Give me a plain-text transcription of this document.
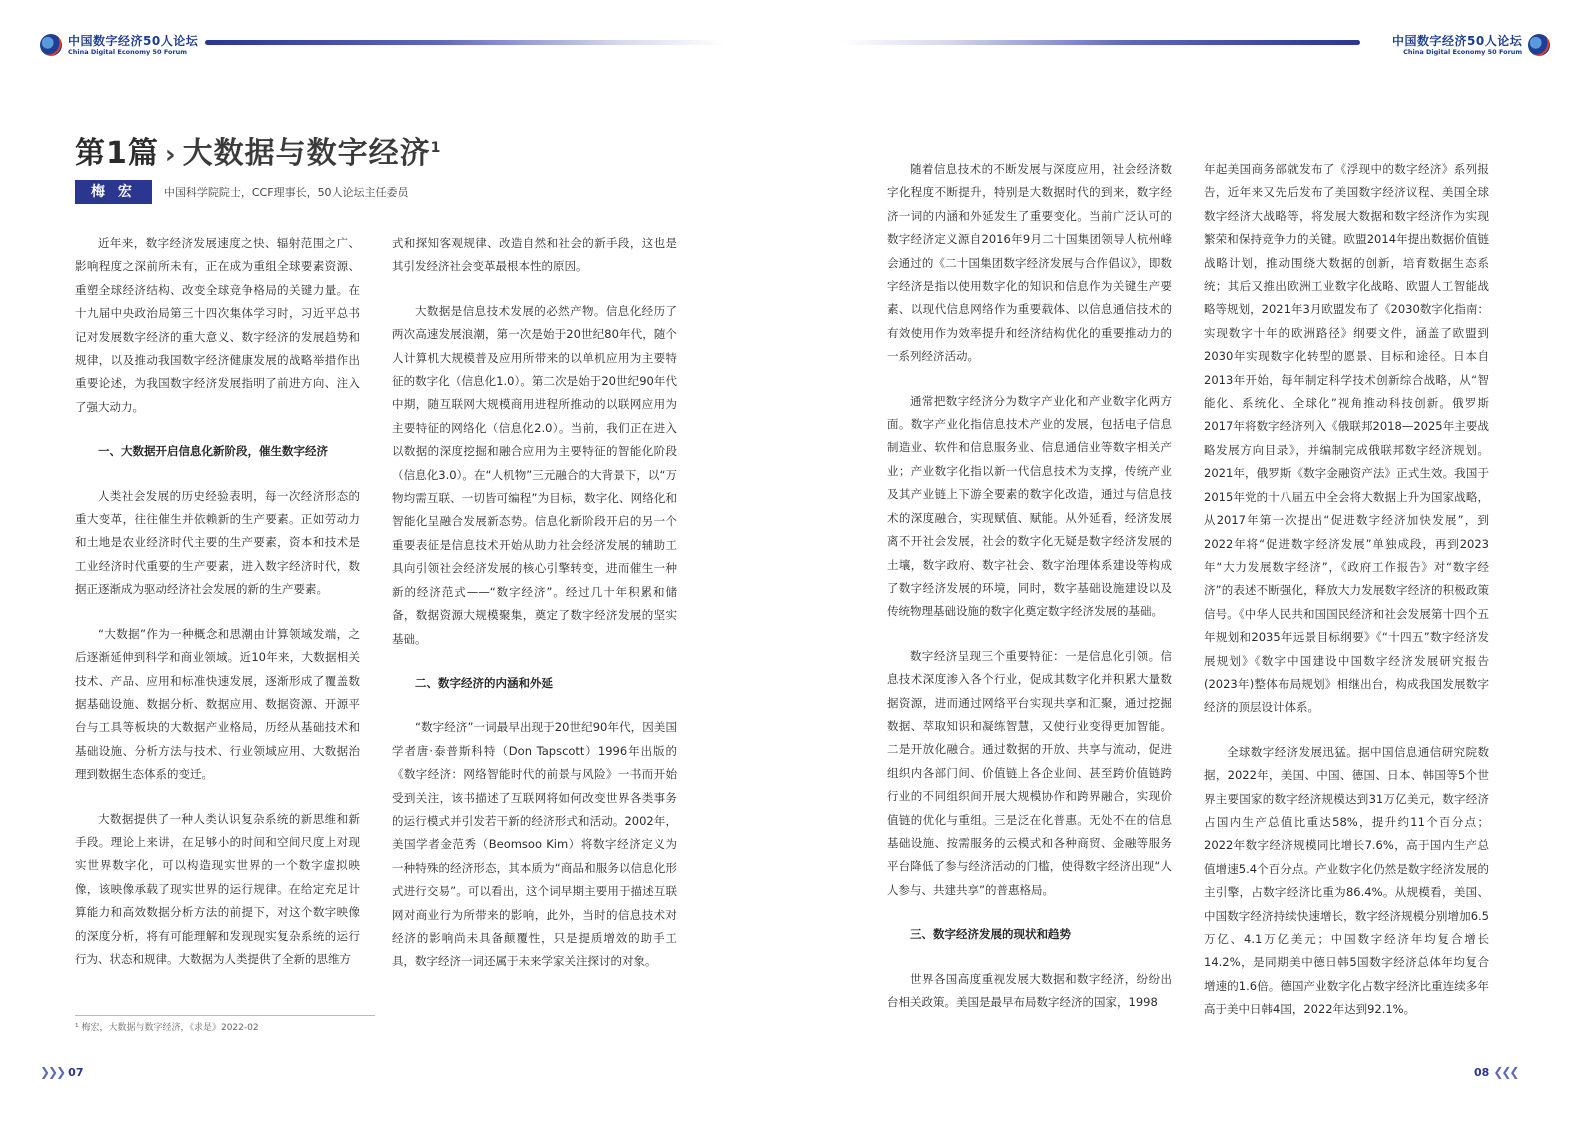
中国数字经济50人论坛
China Digital Economy 50 Forum
第1篇 › 大数据与数字经济$^1$
梅 宏	中国科学院院士，CCF理事长，50人论坛主任委员

近年来，数字经济发展速度之快、辐射范围之广、影响程度之深前所未有，正在成为重组全球要素资源、重塑全球经济结构、改变全球竞争格局的关键力量。在十九届中央政治局第三十四次集体学习时，习近平总书记对发展数字经济的重大意义、数字经济的发展趋势和规律，以及推动我国数字经济健康发展的战略举措作出重要论述，为我国数字经济发展指明了前进方向、注入了强大动力。

一、大数据开启信息化新阶段，催生数字经济

人类社会发展的历史经验表明，每一次经济形态的重大变革，往往催生并依赖新的生产要素。正如劳动力和土地是农业经济时代主要的生产要素，资本和技术是工业经济时代重要的生产要素，进入数字经济时代，数据正逐渐成为驱动经济社会发展的新的生产要素。

“大数据”作为一种概念和思潮由计算领域发端，之后逐渐延伸到科学和商业领域。近10年来，大数据相关技术、产品、应用和标准快速发展，逐渐形成了覆盖数据基础设施、数据分析、数据应用、数据资源、开源平台与工具等板块的大数据产业格局，历经从基础技术和基础设施、分析方法与技术、行业领域应用、大数据治理到数据生态体系的变迁。

大数据提供了一种人类认识复杂系统的新思维和新手段。理论上来讲，在足够小的时间和空间尺度上对现实世界数字化，可以构造现实世界的一个数字虚拟映像，该映像承载了现实世界的运行规律。在给定充足计算能力和高效数据分析方法的前提下，对这个数字映像的深度分析，将有可能理解和发现现实复杂系统的运行行为、状态和规律。大数据为人类提供了全新的思维方

式和探知客观规律、改造自然和社会的新手段，这也是其引发经济社会变革最根本性的原因。

大数据是信息技术发展的必然产物。信息化经历了两次高速发展浪潮，第一次是始于20世纪80年代，随个人计算机大规模普及应用所带来的以单机应用为主要特征的数字化（信息化1.0）。第二次是始于20世纪90年代中期，随互联网大规模商用进程所推动的以联网应用为主要特征的网络化（信息化2.0）。当前，我们正在进入以数据的深度挖掘和融合应用为主要特征的智能化阶段（信息化3.0）。在“人机物”三元融合的大背景下，以“万物均需互联、一切皆可编程”为目标，数字化、网络化和智能化呈融合发展新态势。信息化新阶段开启的另一个重要表征是信息技术开始从助力社会经济发展的辅助工具向引领社会经济发展的核心引擎转变，进而催生一种新的经济范式——“数字经济”。经过几十年积累和储备，数据资源大规模聚集，奠定了数字经济发展的坚实基础。

二、数字经济的内涵和外延

“数字经济”一词最早出现于20世纪90年代，因美国学者唐·泰普斯科特（Don Tapscott）1996年出版的《数字经济：网络智能时代的前景与风险》一书而开始受到关注，该书描述了互联网将如何改变世界各类事务的运行模式并引发若干新的经济形式和活动。2002年，美国学者金范秀（Beomsoo Kim）将数字经济定义为一种特殊的经济形态，其本质为“商品和服务以信息化形式进行交易”。可以看出，这个词早期主要用于描述互联网对商业行为所带来的影响，此外，当时的信息技术对经济的影响尚未具备颠覆性，只是提质增效的助手工具，数字经济一词还属于未来学家关注探讨的对象。

¹ 梅宏，大数据与数字经济，《求是》2022-02
❯❯❯ 07
中国数字经济50人论坛
China Digital Economy 50 Forum

随着信息技术的不断发展与深度应用，社会经济数字化程度不断提升，特别是大数据时代的到来，数字经济一词的内涵和外延发生了重要变化。当前广泛认可的数字经济定义源自2016年9月二十国集团领导人杭州峰会通过的《二十国集团数字经济发展与合作倡议》，即数字经济是指以使用数字化的知识和信息作为关键生产要素、以现代信息网络作为重要载体、以信息通信技术的有效使用作为效率提升和经济结构优化的重要推动力的一系列经济活动。

通常把数字经济分为数字产业化和产业数字化两方面。数字产业化指信息技术产业的发展，包括电子信息制造业、软件和信息服务业、信息通信业等数字相关产业；产业数字化指以新一代信息技术为支撑，传统产业及其产业链上下游全要素的数字化改造，通过与信息技术的深度融合，实现赋值、赋能。从外延看，经济发展离不开社会发展，社会的数字化无疑是数字经济发展的土壤，数字政府、数字社会、数字治理体系建设等构成了数字经济发展的环境，同时，数字基础设施建设以及传统物理基础设施的数字化奠定数字经济发展的基础。

数字经济呈现三个重要特征：一是信息化引领。信息技术深度渗入各个行业，促成其数字化并积累大量数据资源，进而通过网络平台实现共享和汇聚，通过挖掘数据、萃取知识和凝练智慧，又使行业变得更加智能。二是开放化融合。通过数据的开放、共享与流动，促进组织内各部门间、价值链上各企业间、甚至跨价值链跨行业的不同组织间开展大规模协作和跨界融合，实现价值链的优化与重组。三是泛在化普惠。无处不在的信息基础设施、按需服务的云模式和各种商贸、金融等服务平台降低了参与经济活动的门槛，使得数字经济出现“人人参与、共建共享”的普惠格局。

三、数字经济发展的现状和趋势

世界各国高度重视发展大数据和数字经济，纷纷出台相关政策。美国是最早布局数字经济的国家，1998

年起美国商务部就发布了《浮现中的数字经济》系列报告，近年来又先后发布了美国数字经济议程、美国全球数字经济大战略等，将发展大数据和数字经济作为实现繁荣和保持竞争力的关键。欧盟2014年提出数据价值链战略计划，推动围绕大数据的创新，培育数据生态系统；其后又推出欧洲工业数字化战略、欧盟人工智能战略等规划，2021年3月欧盟发布了《2030数字化指南：实现数字十年的欧洲路径》纲要文件，涵盖了欧盟到2030年实现数字化转型的愿景、目标和途径。日本自2013年开始，每年制定科学技术创新综合战略，从“智能化、系统化、全球化”视角推动科技创新。俄罗斯2017年将数字经济列入《俄联邦2018—2025年主要战略发展方向目录》，并编制完成俄联邦数字经济规划。2021年，俄罗斯《数字金融资产法》正式生效。我国于2015年党的十八届五中全会将大数据上升为国家战略，从2017年第一次提出“促进数字经济加快发展”，到2022年将“促进数字经济发展”单独成段，再到2023年“大力发展数字经济”，《政府工作报告》对“数字经济”的表述不断强化，释放大力发展数字经济的积极政策信号。《中华人民共和国国民经济和社会发展第十四个五年规划和2035年远景目标纲要》《“十四五”数字经济发展规划》《数字中国建设中国数字经济发展研究报告(2023年)整体布局规划》相继出台，构成我国发展数字经济的顶层设计体系。

全球数字经济发展迅猛。据中国信息通信研究院数据，2022年，美国、中国、德国、日本、韩国等5个世界主要国家的数字经济规模达到31万亿美元，数字经济占国内生产总值比重达58%，提升约11个百分点；2022年数字经济规模同比增长7.6%，高于国内生产总值增速5.4个百分点。产业数字化仍然是数字经济发展的主引擎，占数字经济比重为86.4%。从规模看，美国、中国数字经济持续快速增长，数字经济规模分别增加6.5万亿、4.1万亿美元；中国数字经济年均复合增长14.2%，是同期美中德日韩5国数字经济总体年均复合增速的1.6倍。德国产业数字化占数字经济比重连续多年高于美中日韩4国，2022年达到92.1%。

08 ❮❮❮
